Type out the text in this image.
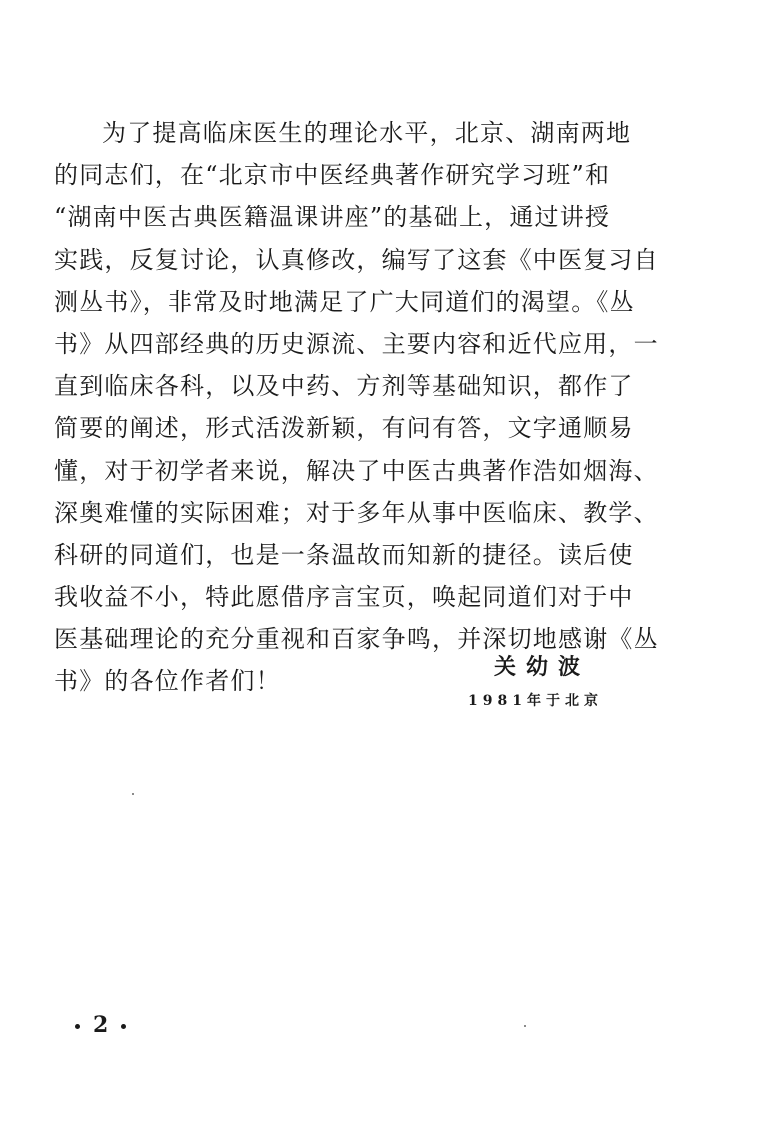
为了提高临床医生的理论水平，北京、湖南两地
的同志们，在“北京市中医经典著作研究学习班”和
“湖南中医古典医籍温课讲座”的基础上，通过讲授
实践，反复讨论，认真修改，编写了这套《中医复习自
测丛书》，非常及时地满足了广大同道们的渴望。《丛
书》从四部经典的历史源流、主要内容和近代应用，一
直到临床各科，以及中药、方剂等基础知识，都作了
简要的阐述，形式活泼新颖，有问有答，文字通顺易
懂，对于初学者来说，解决了中医古典著作浩如烟海、
深奥难懂的实际困难；对于多年从事中医临床、教学、
科研的同道们，也是一条温故而知新的捷径。读后使
我收益不小，特此愿借序言宝页，唤起同道们对于中
医基础理论的充分重视和百家争鸣，并深切地感谢《丛
书》的各位作者们！
关幼波
1981年于北京
2
